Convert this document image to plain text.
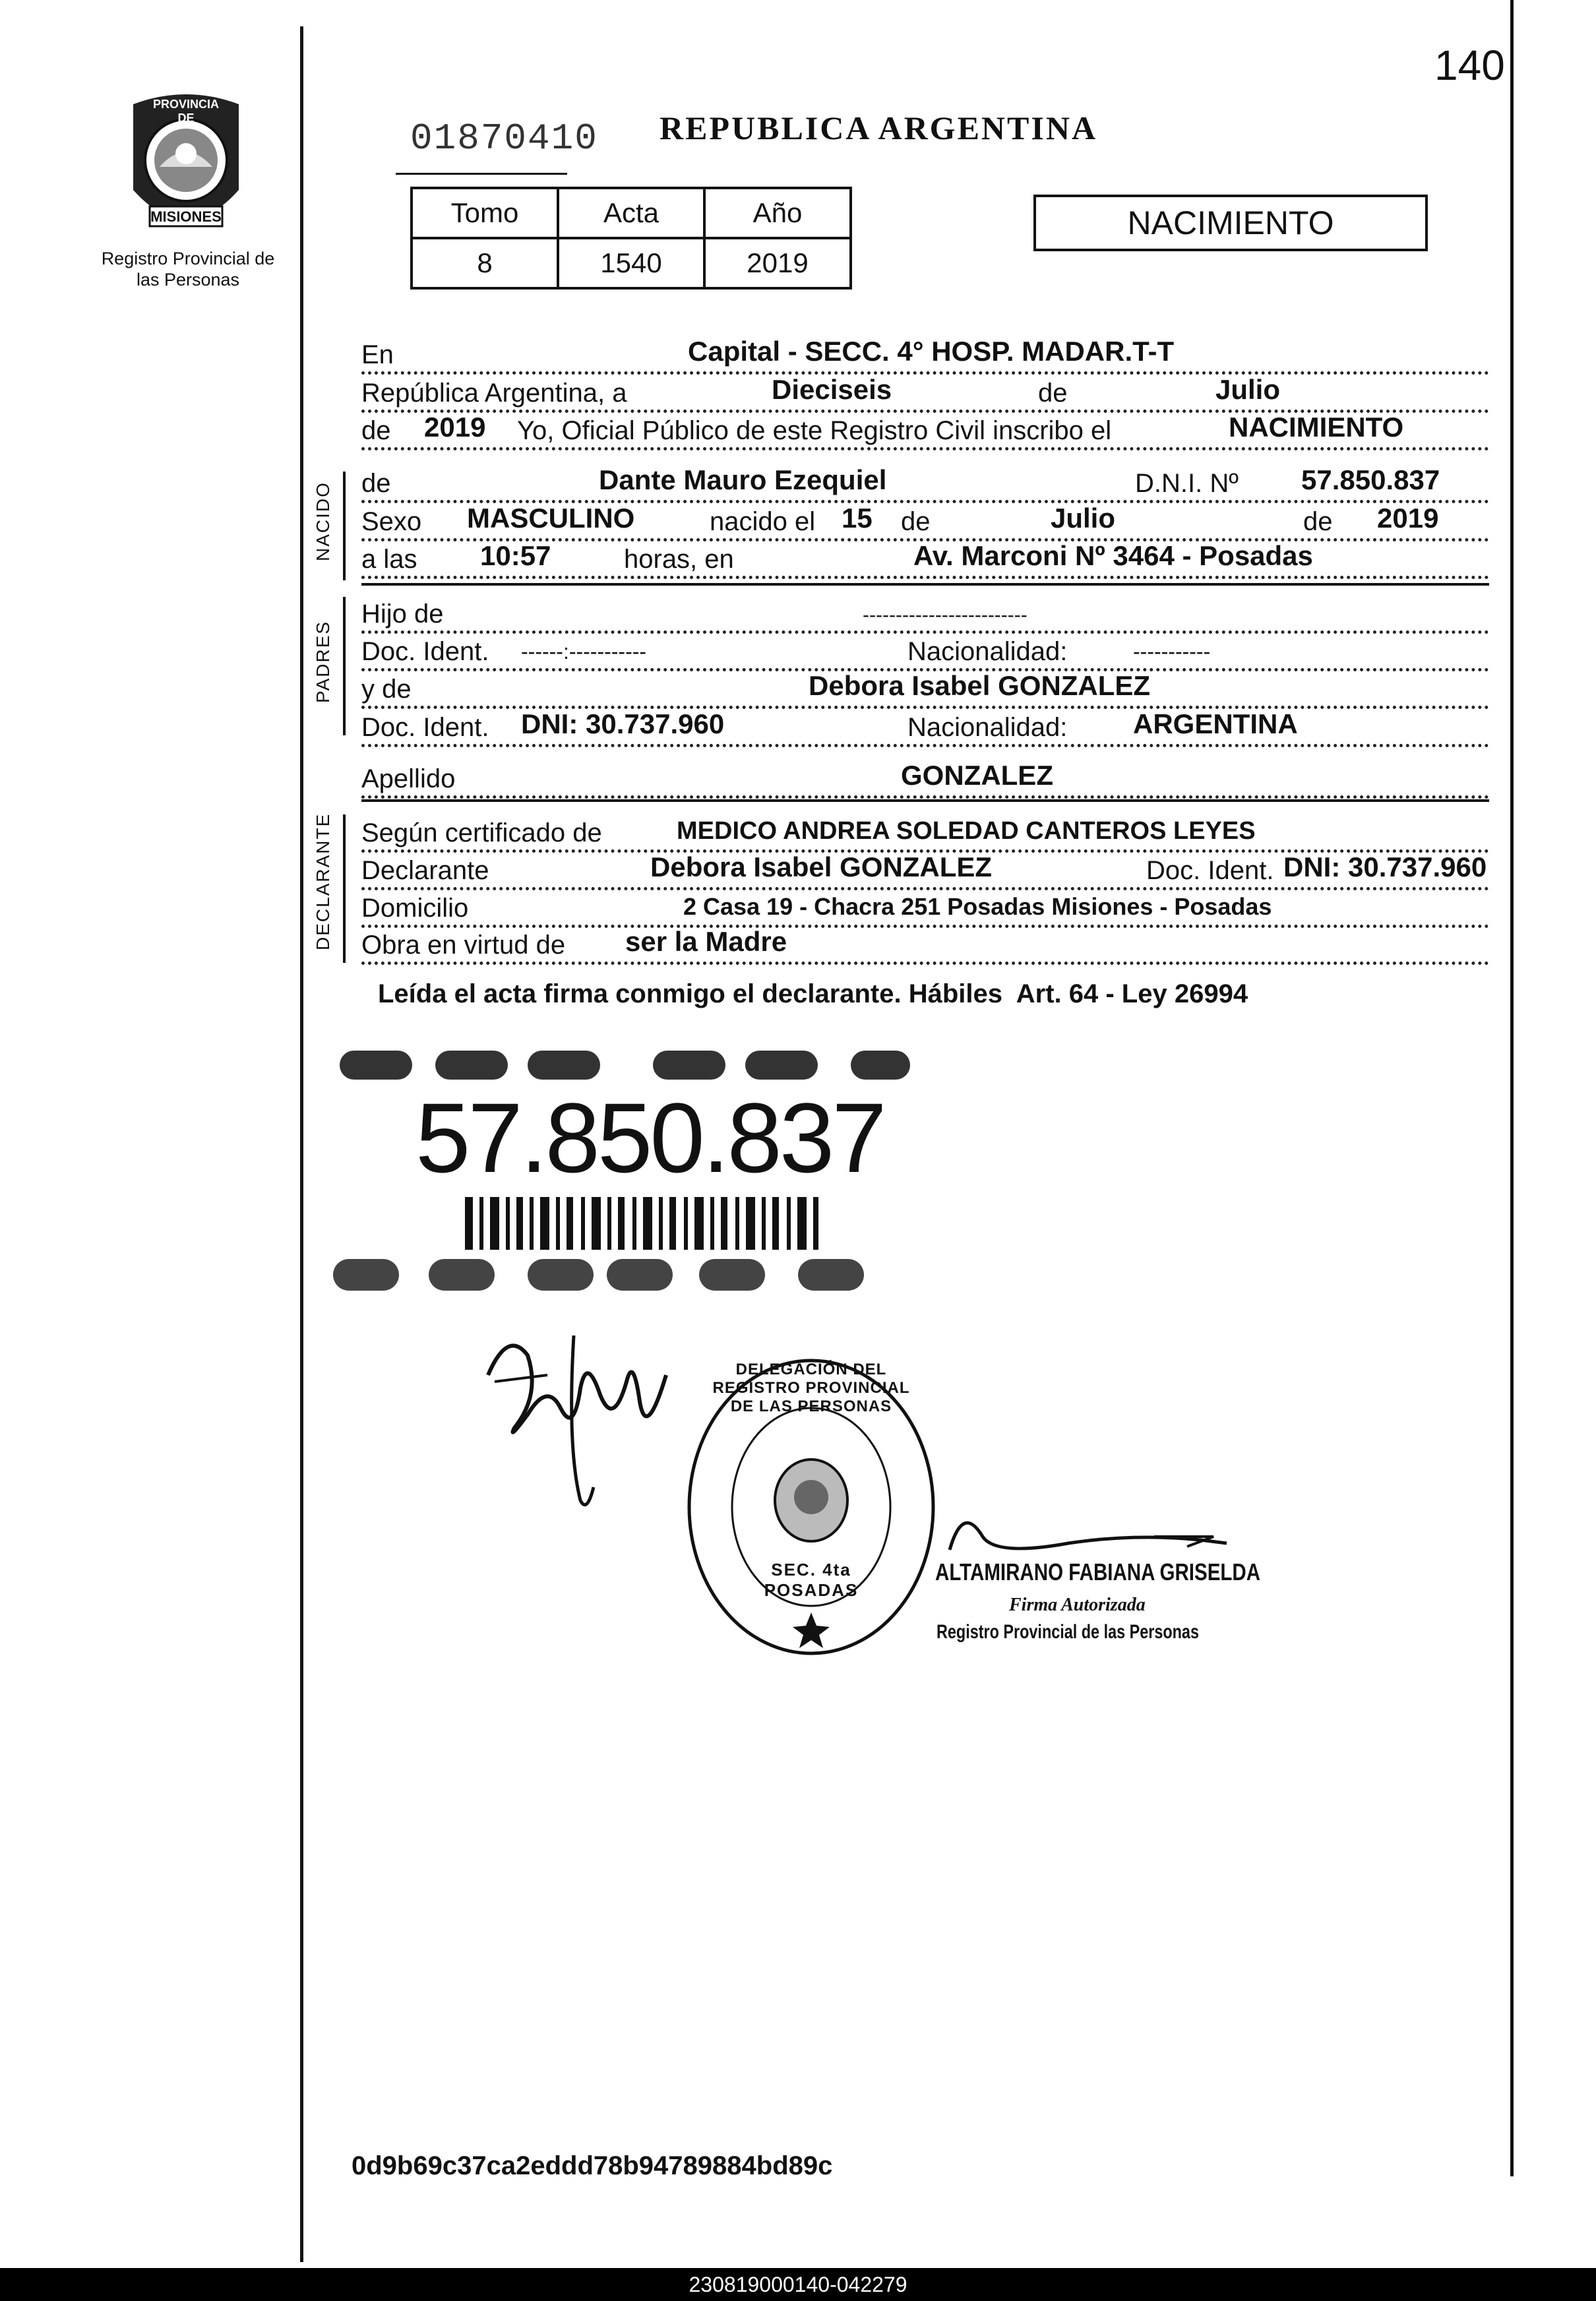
140
PROVINCIA DE
MISIONES
Registro Provincial de las Personas
01870410 REPUBLICA ARGENTINA
Tomo	Acta	Año
8	1540	2019
NACIMIENTO
En	Capital - SECC. 4° HOSP. MADAR.T-T
República Argentina, a	Dieciseis	de	Julio
de 2019 Yo, Oficial Público de este Registro Civil inscribo el	NACIMIENTO
NACIDO de	Dante Mauro Ezequiel	D.N.I. Nº 57.850.837
Sexo MASCULINO	nacido el 15 de	Julio	de 2019
a las 10:57	horas, en	Av. Marconi Nº 3464 - Posadas
PADRES
Hijo de	-------------------------
Doc. Ident. ------:-----------	Nacionalidad:	-----------
y de	Debora Isabel GONZALEZ
Doc. Ident. DNI: 30.737.960	Nacionalidad: ARGENTINA
Apellido	GONZALEZ
DECLARANTE Según certificado de	MEDICO ANDREA SOLEDAD CANTEROS LEYES
Declarante	Debora Isabel GONZALEZ	Doc. Ident. DNI: 30.737.960
Domicilio	2 Casa 19 - Chacra 251 Posadas Misiones - Posadas
Obra en virtud de ser la Madre
Leída el acta firma conmigo el declarante. Hábiles  Art. 64 - Ley 26994
57.850.837
DELEGACIÓN DEL REGISTRO PROVINCIAL DE LAS PERSONAS
SEC. 4ta POSADAS
ALTAMIRANO FABIANA GRISELDA
Firma Autorizada
Registro Provincial de las Personas
0d9b69c37ca2eddd78b94789884bd89c
230819000140-042279
